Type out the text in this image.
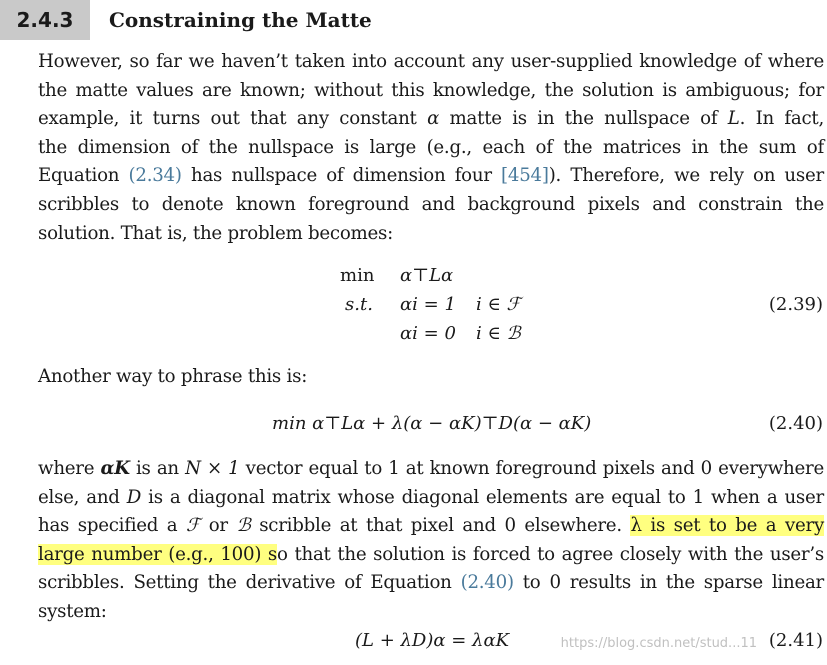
2.4.3	Constraining the Matte
However, so far we haven’t taken into account any user-supplied knowledge of where
the matte values are known; without this knowledge, the solution is ambiguous; for
example, it turns out that any constant α matte is in the nullspace of L. In fact,
the dimension of the nullspace is large (e.g., each of the matrices in the sum of
Equation (2.34) has nullspace of dimension four [454]). Therefore, we rely on user
scribbles to denote known foreground and background pixels and constrain the
solution. That is, the problem becomes:
min α⊤Lα
s.t. αi = 1 i ∈ ℱ
αi = 0 i ∈ ℬ
(2.39)
Another way to phrase this is:
min α⊤Lα + λ(α − αK)⊤D(α − αK)	(2.40)
where αK is an N × 1 vector equal to 1 at known foreground pixels and 0 everywhere
else, and D is a diagonal matrix whose diagonal elements are equal to 1 when a user
has specified a ℱ or ℬ scribble at that pixel and 0 elsewhere. λ is set to be a very
large number (e.g., 100) so that the solution is forced to agree closely with the user’s
scribbles. Setting the derivative of Equation (2.40) to 0 results in the sparse linear
system:
(L + λD)α = λαK	(2.41)
https://blog.csdn.net/stud...11
